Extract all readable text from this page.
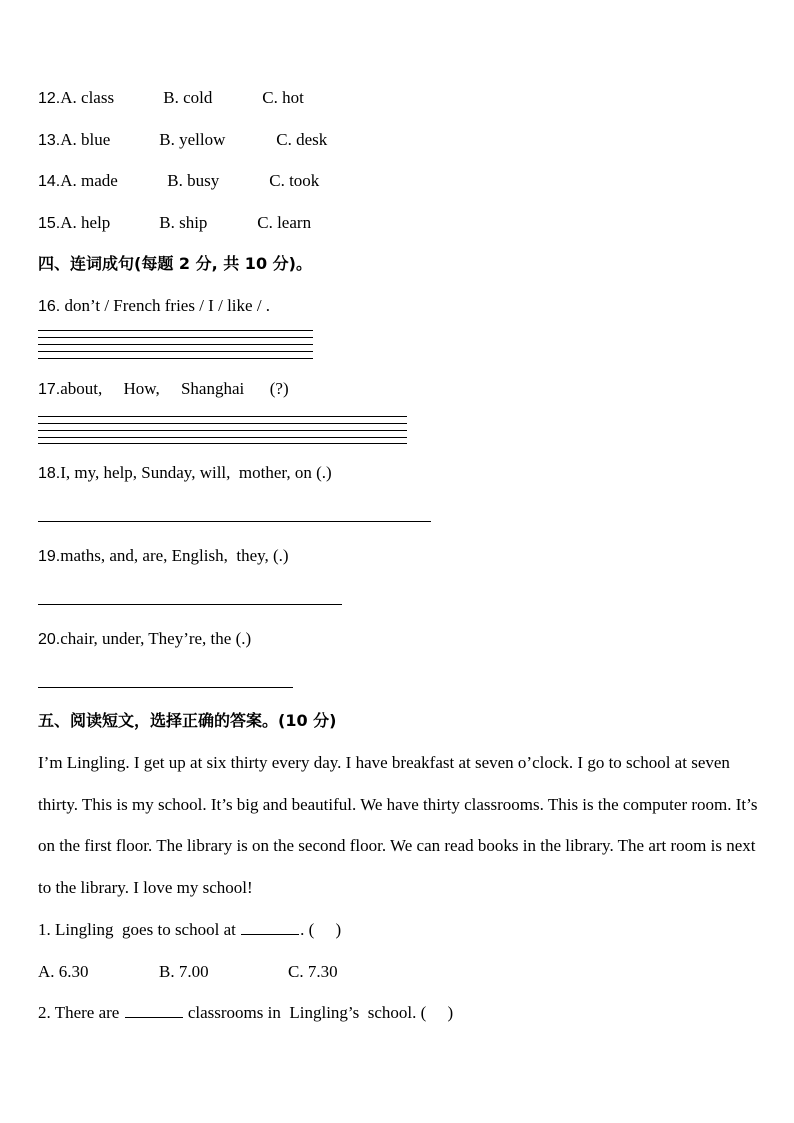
12.A. class	B. cold	C. hot
13.A. blue	B. yellow	C. desk
14.A. made	B. busy	C. took
15.A. help	B. ship	C. learn
四、连词成句(每题 2 分, 共 10 分)。
16. don’t / French fries / I / like / .
17.about,     How,     Shanghai      (?)
18.I, my, help, Sunday, will,  mother, on (.)
19.maths, and, are, English,  they, (.)
20.chair, under, They’re, the (.)
五、阅读短文，选择正确的答案。(10 分)
I’m Lingling. I get up at six thirty every day. I have breakfast at seven o’clock. I go to school at seven thirty. This is my school. It’s big and beautiful. We have thirty classrooms. This is the computer room. It’s on the first floor. The library is on the second floor. We can read books in the library. The art room is next to the library. I love my school!
1. Lingling  goes to school at	. (     )
A. 6.30	B. 7.00	C. 7.30
2. There are	classrooms in  Lingling’s  school. (     )
